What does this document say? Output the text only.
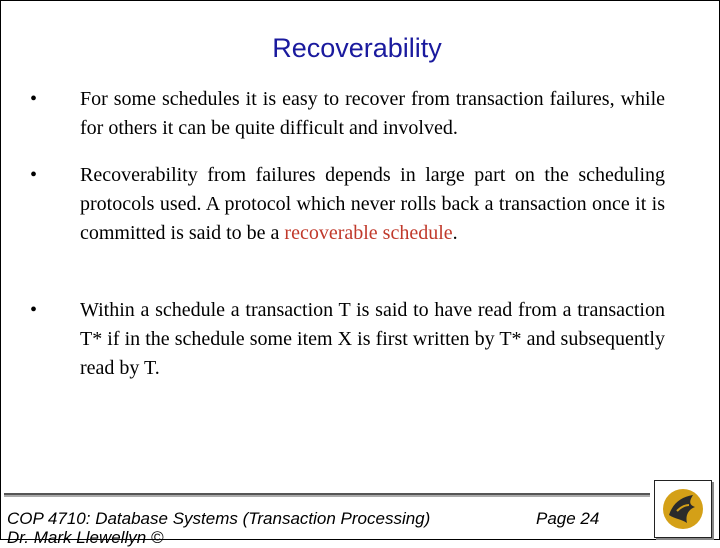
Recoverability
• For some schedules it is easy to recover from transaction failures, while for others it can be quite difficult and involved.
• Recoverability from failures depends in large part on the scheduling protocols used. A protocol which never rolls back a transaction once it is committed is said to be a recoverable schedule.
• Within a schedule a transaction T is said to have read from a transaction T* if in the schedule some item X is first written by T* and subsequently read by T.
COP 4710: Database Systems (Transaction Processing)	Page 24
Dr. Mark Llewellyn ©
